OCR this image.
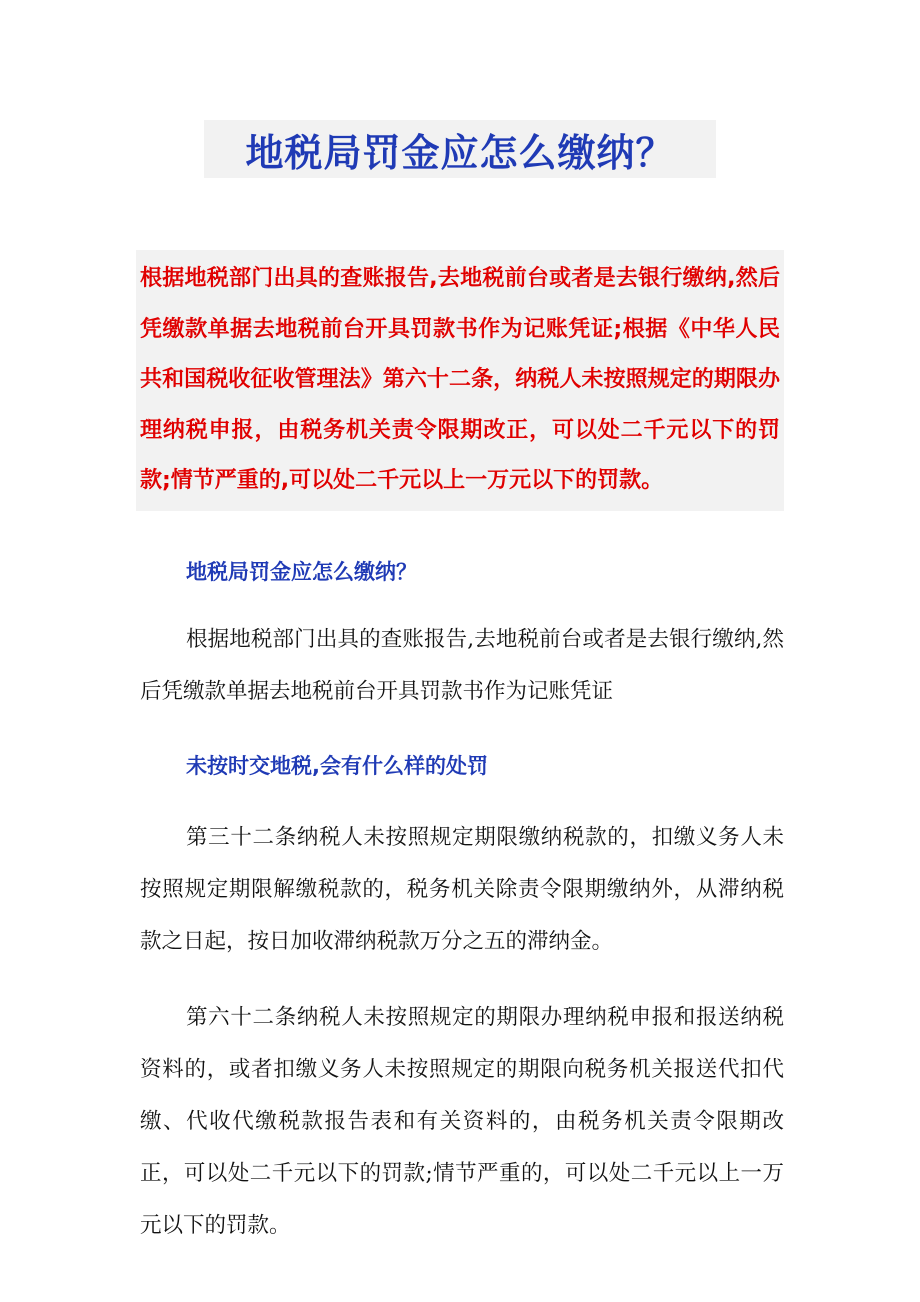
地税局罚金应怎么缴纳？

根据地税部门出具的查账报告,去地税前台或者是去银行缴纳,然后凭缴款单据去地税前台开具罚款书作为记账凭证;根据《中华人民共和国税收征收管理法》第六十二条，纳税人未按照规定的期限办理纳税申报，由税务机关责令限期改正，可以处二千元以下的罚款;情节严重的,可以处二千元以上一万元以下的罚款。

地税局罚金应怎么缴纳？

根据地税部门出具的查账报告,去地税前台或者是去银行缴纳,然后凭缴款单据去地税前台开具罚款书作为记账凭证

未按时交地税,会有什么样的处罚

第三十二条纳税人未按照规定期限缴纳税款的，扣缴义务人未按照规定期限解缴税款的，税务机关除责令限期缴纳外，从滞纳税款之日起，按日加收滞纳税款万分之五的滞纳金。

第六十二条纳税人未按照规定的期限办理纳税申报和报送纳税资料的，或者扣缴义务人未按照规定的期限向税务机关报送代扣代缴、代收代缴税款报告表和有关资料的，由税务机关责令限期改正，可以处二千元以下的罚款;情节严重的，可以处二千元以上一万元以下的罚款。
